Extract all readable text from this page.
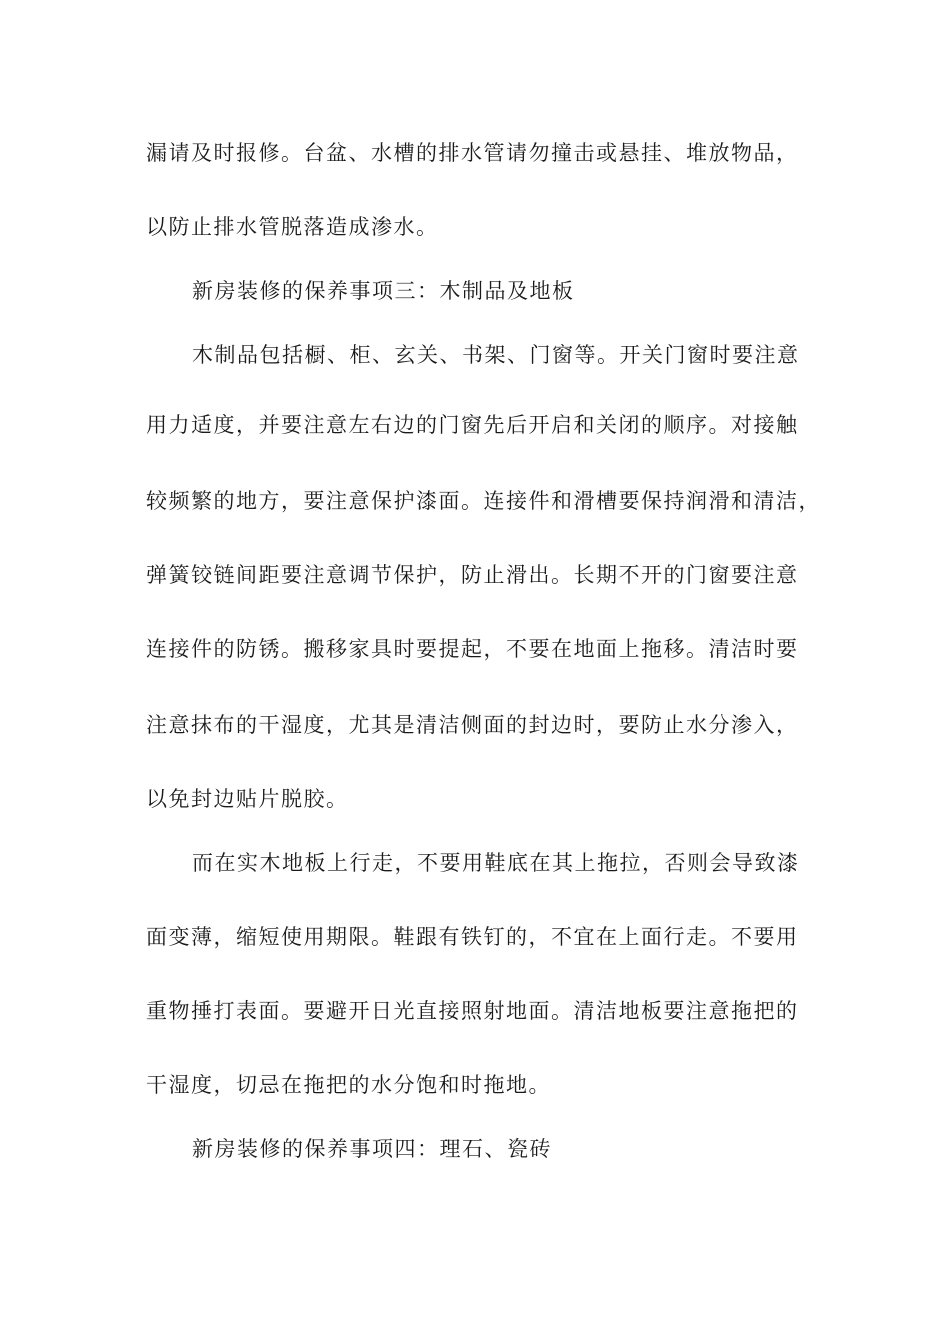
漏请及时报修。台盆、水槽的排水管请勿撞击或悬挂、堆放物品，
以防止排水管脱落造成渗水。
新房装修的保养事项三：木制品及地板
木制品包括橱、柜、玄关、书架、门窗等。开关门窗时要注意
用力适度，并要注意左右边的门窗先后开启和关闭的顺序。对接触
较频繁的地方，要注意保护漆面。连接件和滑槽要保持润滑和清洁，
弹簧铰链间距要注意调节保护，防止滑出。长期不开的门窗要注意
连接件的防锈。搬移家具时要提起，不要在地面上拖移。清洁时要
注意抹布的干湿度，尤其是清洁侧面的封边时，要防止水分渗入，
以免封边贴片脱胶。
而在实木地板上行走，不要用鞋底在其上拖拉，否则会导致漆
面变薄，缩短使用期限。鞋跟有铁钉的，不宜在上面行走。不要用
重物捶打表面。要避开日光直接照射地面。清洁地板要注意拖把的
干湿度，切忌在拖把的水分饱和时拖地。
新房装修的保养事项四：理石、瓷砖
